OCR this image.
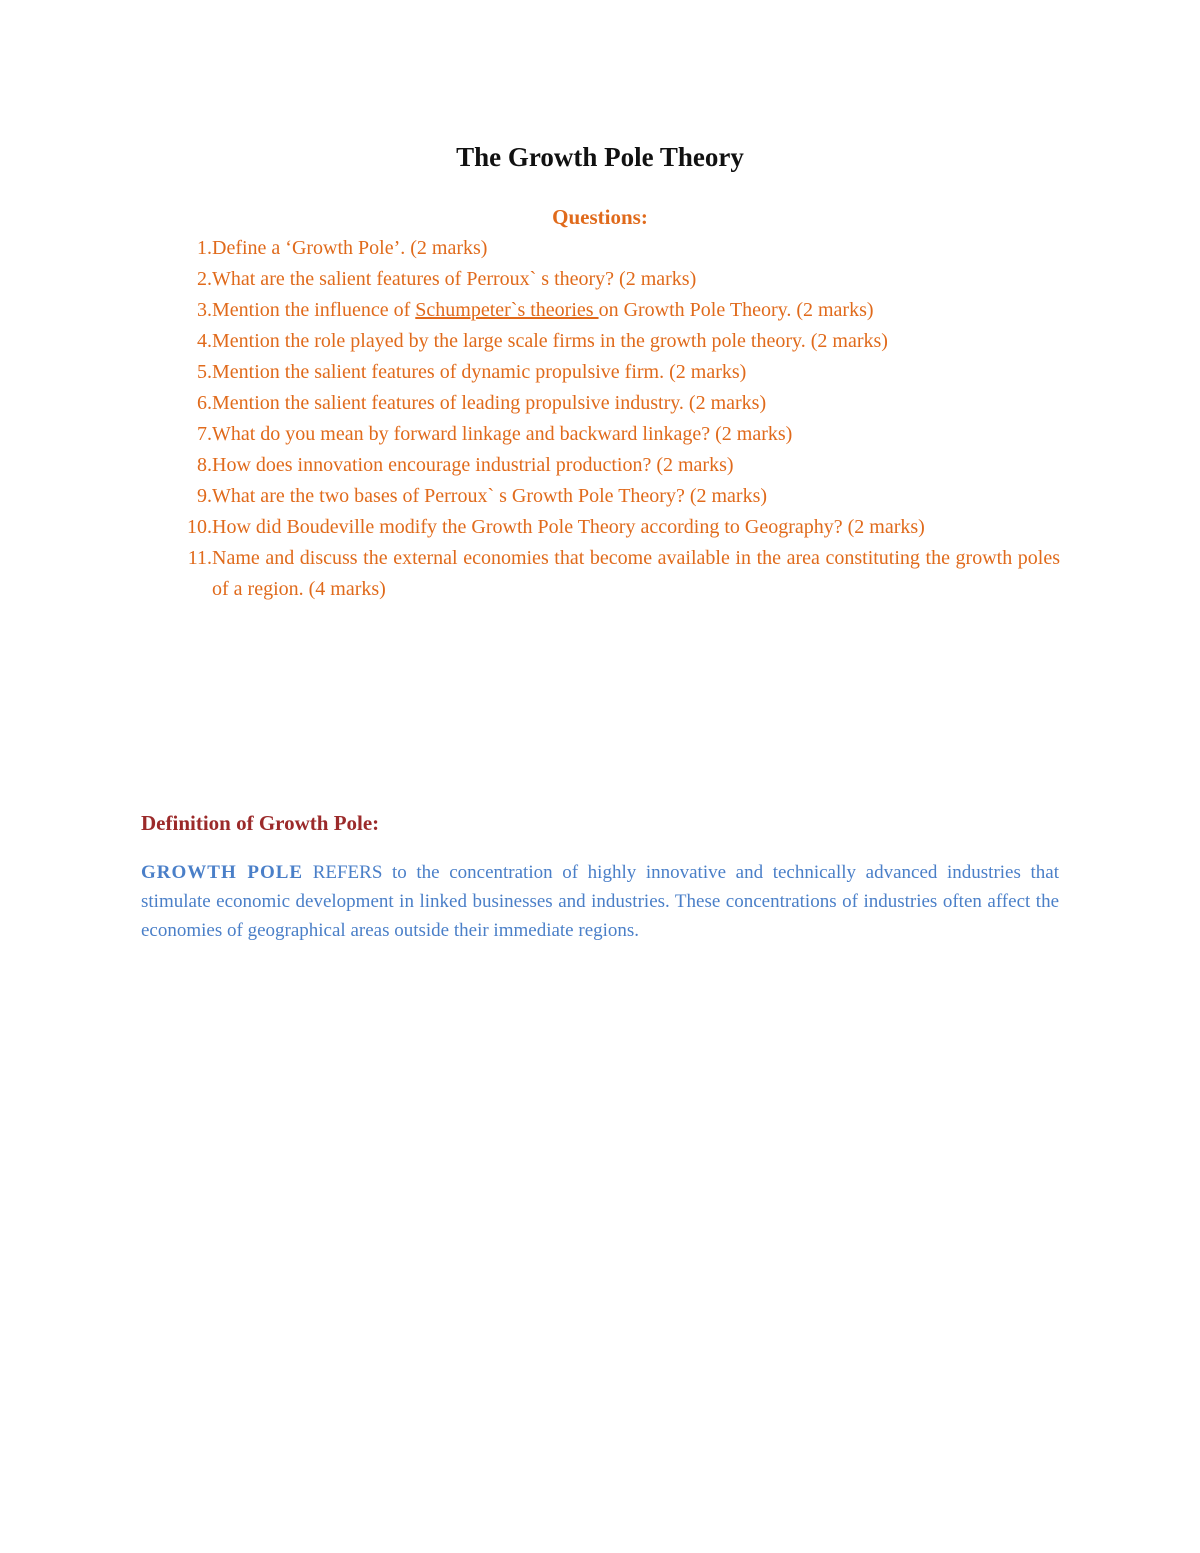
The Growth Pole Theory
Questions:
1. Define a ‘Growth Pole’. (2 marks)
2. What are the salient features of Perroux` s theory? (2 marks)
3. Mention the influence of Schumpeter`s theories on Growth Pole Theory. (2 marks)
4. Mention the role played by the large scale firms in the growth pole theory. (2 marks)
5. Mention the salient features of dynamic propulsive firm. (2 marks)
6. Mention the salient features of leading propulsive industry. (2 marks)
7. What do you mean by forward linkage and backward linkage? (2 marks)
8. How does innovation encourage industrial production? (2 marks)
9. What are the two bases of Perroux` s Growth Pole Theory? (2 marks)
10. How did Boudeville modify the Growth Pole Theory according to Geography? (2 marks)
11. Name and discuss the external economies that become available in the area constituting the growth poles of a region. (4 marks)
Definition of Growth Pole:

GROWTH POLE REFERS to the concentration of highly innovative and technically advanced industries that stimulate economic development in linked businesses and industries. These concentrations of industries often affect the economies of geographical areas outside their immediate regions.
